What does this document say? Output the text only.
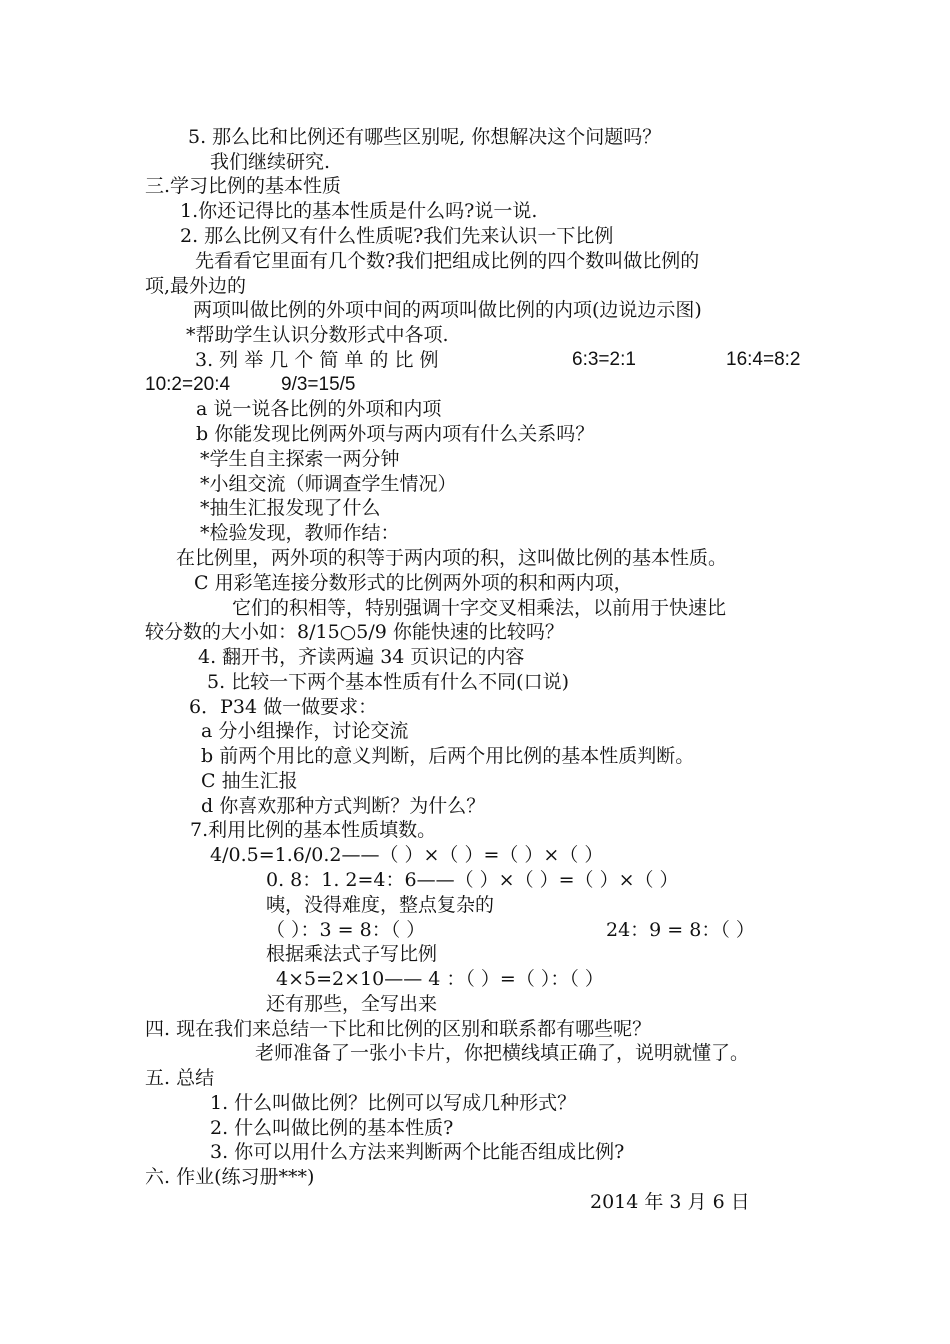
5. 那么比和比例还有哪些区别呢, 你想解决这个问题吗？
我们继续研究.
三.学习比例的基本性质
1.你还记得比的基本性质是什么吗?说一说.
2. 那么比例又有什么性质呢?我们先来认识一下比例
先看看它里面有几个数?我们把组成比例的四个数叫做比例的
项,最外边的
两项叫做比例的外项中间的两项叫做比例的内项(边说边示图)
*帮助学生认识分数形式中各项.
3. 列 举 几 个 简 单 的 比 例	6:3=2:1	16:4=8:2
10:2=20:4	9/3=15/5
a 说一说各比例的外项和内项
b 你能发现比例两外项与两内项有什么关系吗？
*学生自主探索一两分钟
*小组交流（师调查学生情况）
*抽生汇报发现了什么
*检验发现，教师作结：
在比例里，两外项的积等于两内项的积，这叫做比例的基本性质。
C 用彩笔连接分数形式的比例两外项的积和两内项，
它们的积相等，特别强调十字交叉相乘法，以前用于快速比
较分数的大小如：8/15○5/9 你能快速的比较吗？
4. 翻开书，齐读两遍 34 页识记的内容
5. 比较一下两个基本性质有什么不同(口说)
6．P34 做一做要求：
a 分小组操作，讨论交流
b 前两个用比的意义判断，后两个用比例的基本性质判断。
C 抽生汇报
d 你喜欢那种方式判断？为什么？
7.利用比例的基本性质填数。
4/0.5=1.6/0.2——（ ）×（ ）=（ ）×（ ）
0. 8：1. 2=4：6——（ ）×（ ）=（ ）×（ ）
咦，没得难度，整点复杂的
（ ）：3 = 8：（ ）	24：9 = 8：（ ）
根据乘法式子写比例
4×5=2×10—— 4 ：（ ）=（ ）：（ ）
还有那些，全写出来
四. 现在我们来总结一下比和比例的区别和联系都有哪些呢？
老师准备了一张小卡片，你把横线填正确了，说明就懂了。
五. 总结
1. 什么叫做比例？比例可以写成几种形式？
2. 什么叫做比例的基本性质?
3. 你可以用什么方法来判断两个比能否组成比例?
六. 作业(练习册***)
2014 年 3 月 6 日
